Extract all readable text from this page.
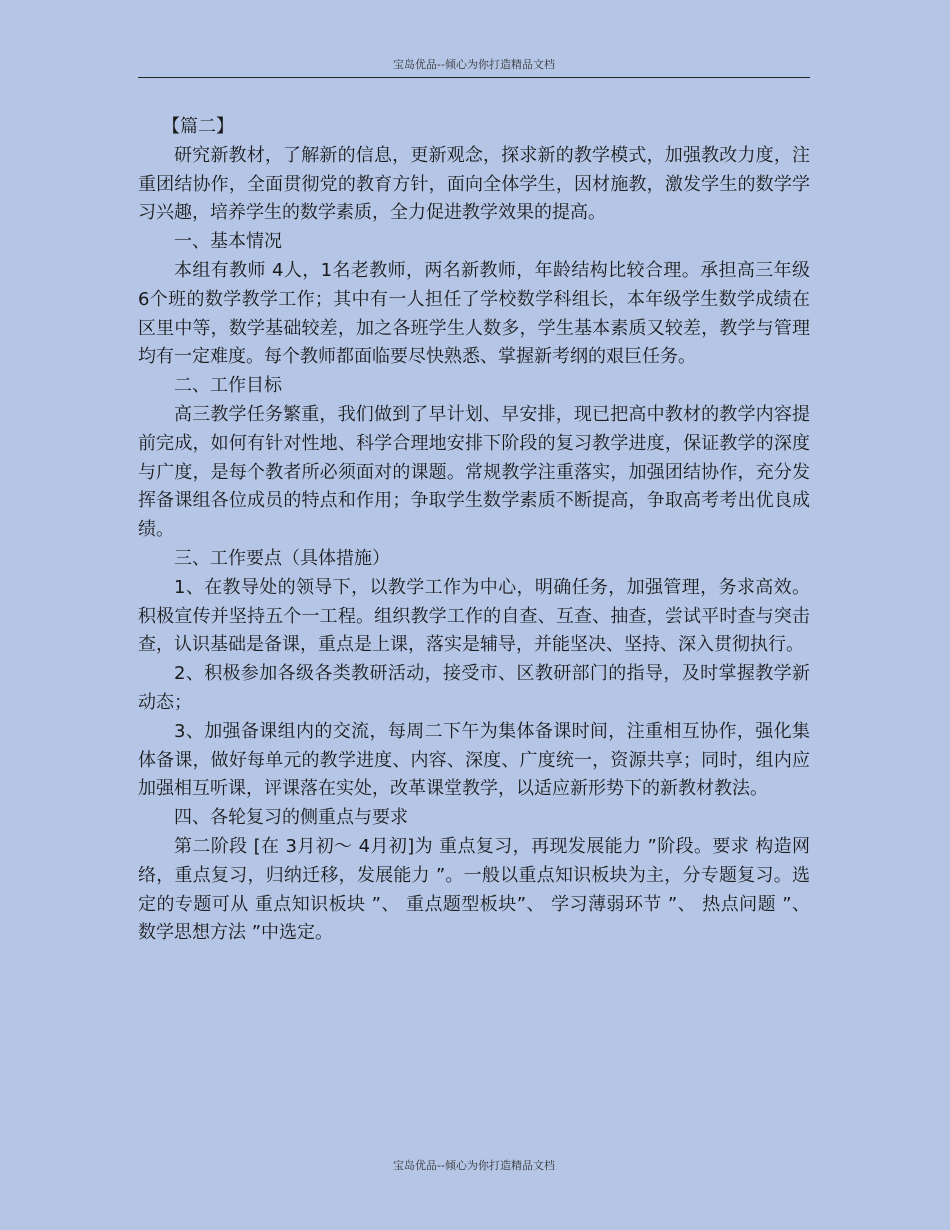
宝岛优品--倾心为你打造精品文档

【篇二】

研究新教材，了解新的信息，更新观念，探求新的教学模式，加强教改力度，注重团结协作，全面贯彻党的教育方针，面向全体学生，因材施教，激发学生的数学学习兴趣，培养学生的数学素质，全力促进教学效果的提高。

一、基本情况

本组有教师 4人，1名老教师，两名新教师，年龄结构比较合理。承担高三年级 6个班的数学教学工作；其中有一人担任了学校数学科组长，本年级学生数学成绩在区里中等，数学基础较差，加之各班学生人数多，学生基本素质又较差，教学与管理均有一定难度。每个教师都面临要尽快熟悉、掌握新考纲的艰巨任务。

二、工作目标

高三教学任务繁重，我们做到了早计划、早安排，现已把高中教材的教学内容提前完成，如何有针对性地、科学合理地安排下阶段的复习教学进度，保证教学的深度与广度，是每个教者所必须面对的课题。常规教学注重落实，加强团结协作，充分发挥备课组各位成员的特点和作用；争取学生数学素质不断提高，争取高考考出优良成绩。

三、工作要点（具体措施）

1、在教导处的领导下，以教学工作为中心，明确任务，加强管理，务求高效。积极宣传并坚持五个一工程。组织教学工作的自查、互查、抽查，尝试平时查与突击查，认识基础是备课，重点是上课，落实是辅导，并能坚决、坚持、深入贯彻执行。

2、积极参加各级各类教研活动，接受市、区教研部门的指导，及时掌握教学新动态；

3、加强备课组内的交流，每周二下午为集体备课时间，注重相互协作，强化集体备课，做好每单元的教学进度、内容、深度、广度统一，资源共享；同时，组内应加强相互听课，评课落在实处，改革课堂教学，以适应新形势下的新教材教法。

四、各轮复习的侧重点与要求

第二阶段 [在 3月初～ 4月初]为 重点复习，再现发展能力 ”阶段。要求 构造网络，重点复习，归纳迁移，发展能力 ”。一般以重点知识板块为主，分专题复习。选定的专题可从 重点知识板块 ”、 重点题型板块”、 学习薄弱环节 ”、 热点问题 ”、 数学思想方法 ”中选定。

宝岛优品--倾心为你打造精品文档
